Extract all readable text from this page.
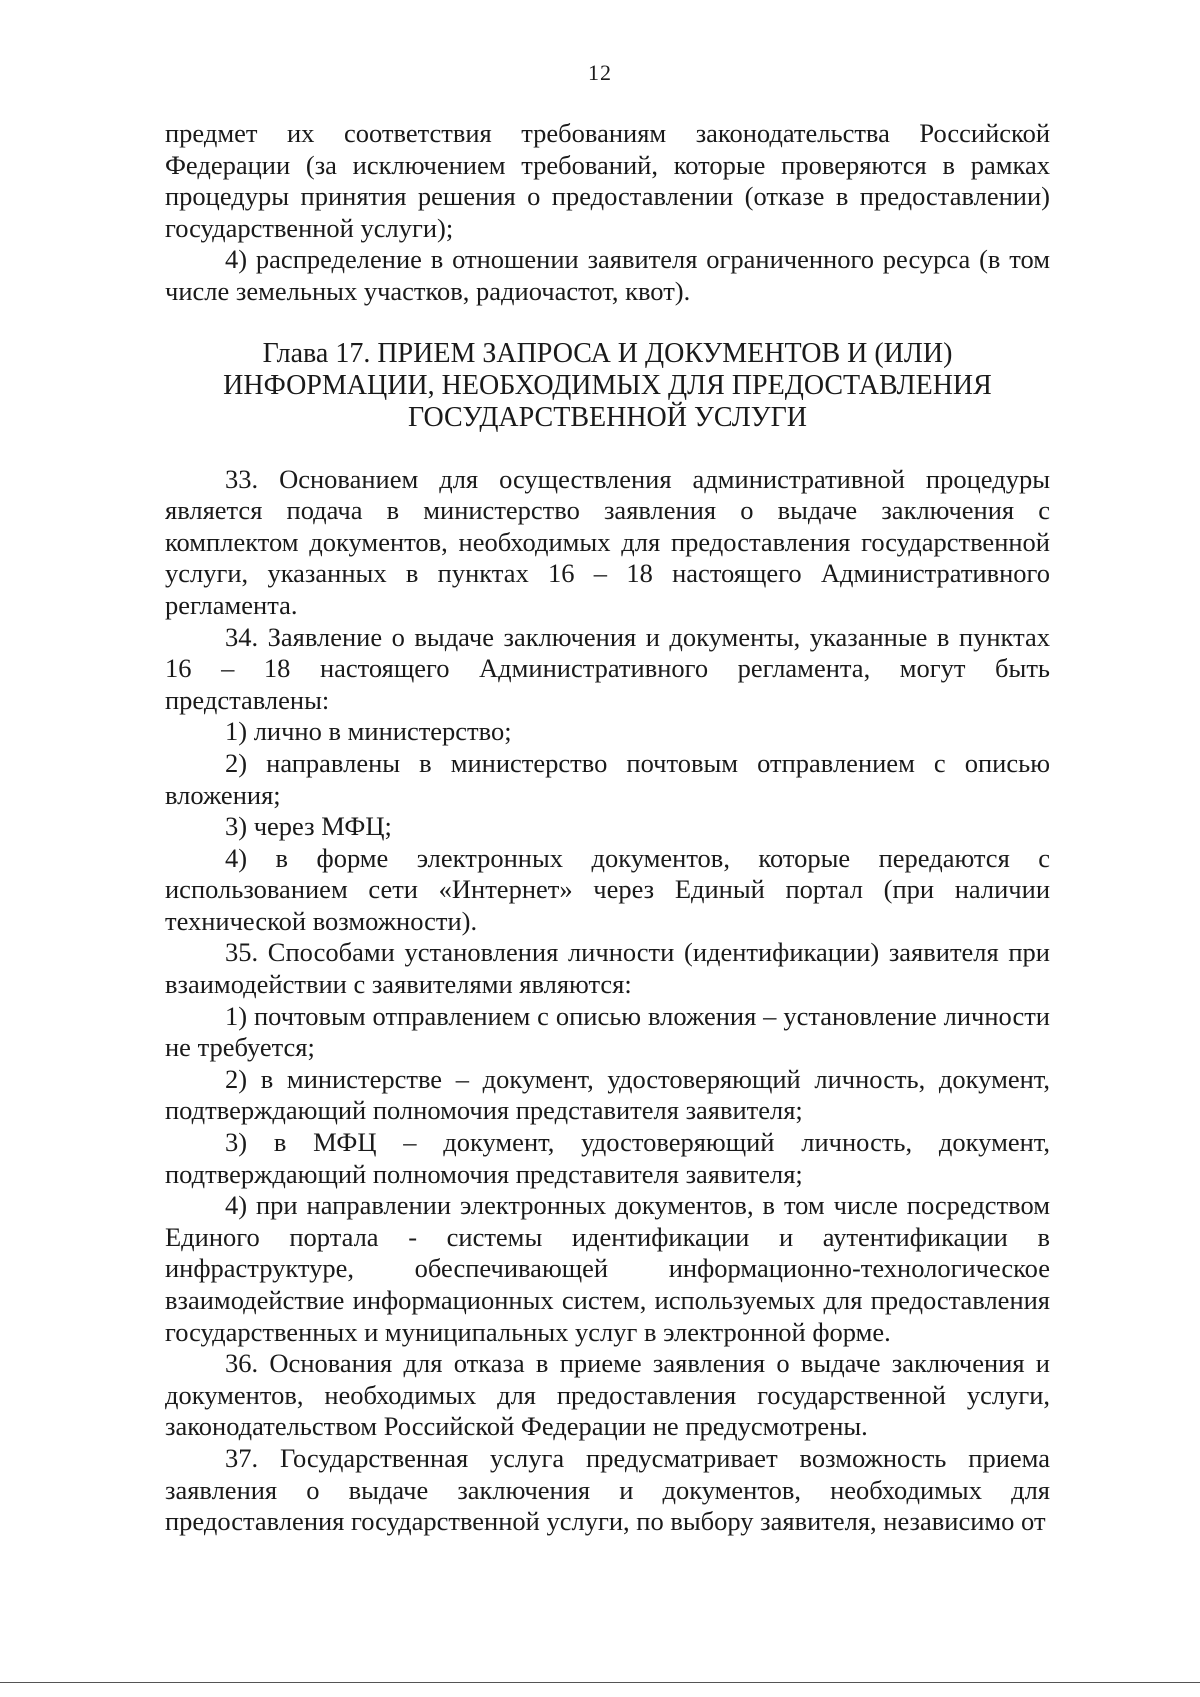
12

предмет их соответствия требованиям законодательства Российской Федерации (за исключением требований, которые проверяются в рамках процедуры принятия решения о предоставлении (отказе в предоставлении) государственной услуги);

4) распределение в отношении заявителя ограниченного ресурса (в том числе земельных участков, радиочастот, квот).

Глава 17. ПРИЕМ ЗАПРОСА И ДОКУМЕНТОВ И (ИЛИ) ИНФОРМАЦИИ, НЕОБХОДИМЫХ ДЛЯ ПРЕДОСТАВЛЕНИЯ ГОСУДАРСТВЕННОЙ УСЛУГИ

33. Основанием для осуществления административной процедуры является подача в министерство заявления о выдаче заключения с комплектом документов, необходимых для предоставления государственной услуги, указанных в пунктах 16 – 18 настоящего Административного регламента.

34. Заявление о выдаче заключения и документы, указанные в пунктах 16 – 18 настоящего Административного регламента, могут быть представлены:

1) лично в министерство;

2) направлены в министерство почтовым отправлением с описью вложения;

3) через МФЦ;

4) в форме электронных документов, которые передаются с использованием сети «Интернет» через Единый портал (при наличии технической возможности).

35. Способами установления личности (идентификации) заявителя при взаимодействии с заявителями являются:

1) почтовым отправлением с описью вложения – установление личности не требуется;

2) в министерстве – документ, удостоверяющий личность, документ, подтверждающий полномочия представителя заявителя;

3) в МФЦ – документ, удостоверяющий личность, документ, подтверждающий полномочия представителя заявителя;

4) при направлении электронных документов, в том числе посредством Единого портала - системы идентификации и аутентификации в инфраструктуре, обеспечивающей информационно-технологическое взаимодействие информационных систем, используемых для предоставления государственных и муниципальных услуг в электронной форме.

36. Основания для отказа в приеме заявления о выдаче заключения и документов, необходимых для предоставления государственной услуги, законодательством Российской Федерации не предусмотрены.

37. Государственная услуга предусматривает возможность приема заявления о выдаче заключения и документов, необходимых для предоставления государственной услуги, по выбору заявителя, независимо от
